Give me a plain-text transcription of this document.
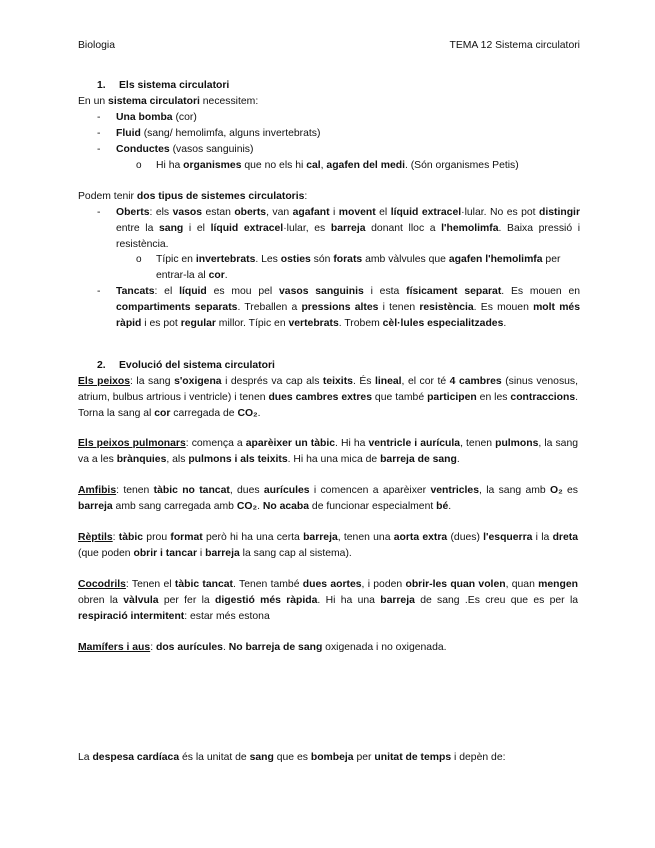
Biologia	TEMA 12 Sistema circulatori
1. Els sistema circulatori
En un sistema circulatori necessitem:
- Una bomba (cor)
- Fluid (sang/ hemolimfa, alguns invertebrats)
- Conductes (vasos sanguinis)
o Hi ha organismes que no els hi cal, agafen del medi. (Són organismes Petis)
Podem tenir dos tipus de sistemes circulatoris:
- Oberts: els vasos estan oberts, van agafant i movent el líquid extracel·lular. No es pot distingir entre la sang i el líquid extracel·lular, es barreja donant lloc a l'hemolimfa. Baixa pressió i resistència.
o Típic en invertebrats. Les osties són forats amb vàlvules que agafen l'hemolimfa per entrar-la al cor.
- Tancats: el líquid es mou pel vasos sanguinis i esta físicament separat. Es mouen en compartiments separats. Treballen a pressions altes i tenen resistència. Es mouen molt més ràpid i es pot regular millor. Típic en vertebrats. Trobem cèl·lules especialitzades.
2. Evolució del sistema circulatori
Els peixos: la sang s'oxigena i després va cap als teixits. És lineal, el cor té 4 cambres (sinus venosus, atrium, bulbus artrious i ventricle) i tenen dues cambres extres que també participen en les contraccions. Torna la sang al cor carregada de CO₂.
Els peixos pulmonars: comença a aparèixer un tàbic. Hi ha ventricle i aurícula, tenen pulmons, la sang va a les brànquies, als pulmons i als teixits. Hi ha una mica de barreja de sang.
Amfibis: tenen tàbic no tancat, dues aurícules i comencen a aparèixer ventricles, la sang amb O₂ es barreja amb sang carregada amb CO₂. No acaba de funcionar especialment bé.
Rèptils: tàbic prou format però hi ha una certa barreja, tenen una aorta extra (dues) l'esquerra i la dreta (que poden obrir i tancar i barreja la sang cap al sistema).
Cocodrils: Tenen el tàbic tancat. Tenen també dues aortes, i poden obrir-les quan volen, quan mengen obren la vàlvula per fer la digestió més ràpida. Hi ha una barreja de sang .Es creu que es per la respiració intermitent: estar més estona
Mamífers i aus: dos aurícules. No barreja de sang oxigenada i no oxigenada.
La despesa cardíaca és la unitat de sang que es bombeja per unitat de temps i depèn de:
